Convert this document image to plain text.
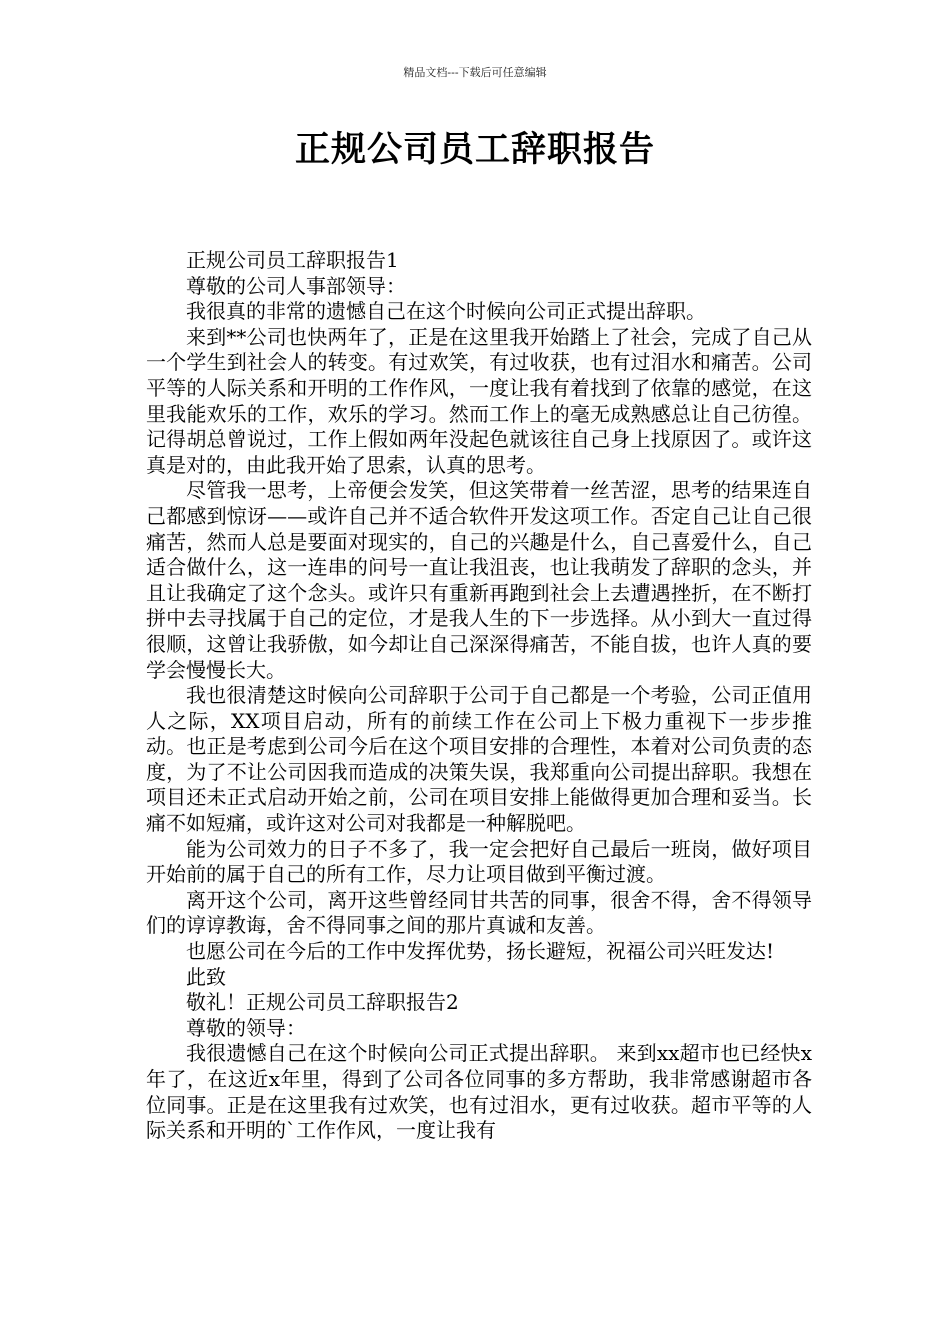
精品文档---下载后可任意编辑
正规公司员工辞职报告

正规公司员工辞职报告1

尊敬的公司人事部领导：

我很真的非常的遗憾自己在这个时候向公司正式提出辞职。

来到**公司也快两年了，正是在这里我开始踏上了社会，完成了自己从一个学生到社会人的转变。有过欢笑，有过收获，也有过泪水和痛苦。公司平等的人际关系和开明的工作作风，一度让我有着找到了依靠的感觉，在这里我能欢乐的工作，欢乐的学习。然而工作上的毫无成熟感总让自己彷徨。记得胡总曾说过，工作上假如两年没起色就该往自己身上找原因了。或许这真是对的，由此我开始了思索，认真的思考。

尽管我一思考，上帝便会发笑，但这笑带着一丝苦涩，思考的结果连自己都感到惊讶——或许自己并不适合软件开发这项工作。否定自己让自己很痛苦，然而人总是要面对现实的，自己的兴趣是什么，自己喜爱什么，自己适合做什么，这一连串的问号一直让我沮丧，也让我萌发了辞职的念头，并且让我确定了这个念头。或许只有重新再跑到社会上去遭遇挫折，在不断打拼中去寻找属于自己的定位，才是我人生的下一步选择。从小到大一直过得很顺，这曾让我骄傲，如今却让自己深深得痛苦，不能自拔，也许人真的要学会慢慢长大。

我也很清楚这时候向公司辞职于公司于自己都是一个考验，公司正值用人之际，XX项目启动，所有的前续工作在公司上下极力重视下一步步推动。也正是考虑到公司今后在这个项目安排的合理性，本着对公司负责的态度，为了不让公司因我而造成的决策失误，我郑重向公司提出辞职。我想在项目还未正式启动开始之前，公司在项目安排上能做得更加合理和妥当。长痛不如短痛，或许这对公司对我都是一种解脱吧。

能为公司效力的日子不多了，我一定会把好自己最后一班岗，做好项目开始前的属于自己的所有工作，尽力让项目做到平衡过渡。

离开这个公司，离开这些曾经同甘共苦的同事，很舍不得，舍不得领导们的谆谆教诲，舍不得同事之间的那片真诚和友善。

也愿公司在今后的工作中发挥优势，扬长避短，祝福公司兴旺发达!

此致

敬礼！正规公司员工辞职报告2

尊敬的领导：

我很遗憾自己在这个时候向公司正式提出辞职。 来到xx超市也已经快x年了，在这近x年里，得到了公司各位同事的多方帮助，我非常感谢超市各位同事。正是在这里我有过欢笑，也有过泪水，更有过收获。超市平等的人际关系和开明的`工作作风，一度让我有
